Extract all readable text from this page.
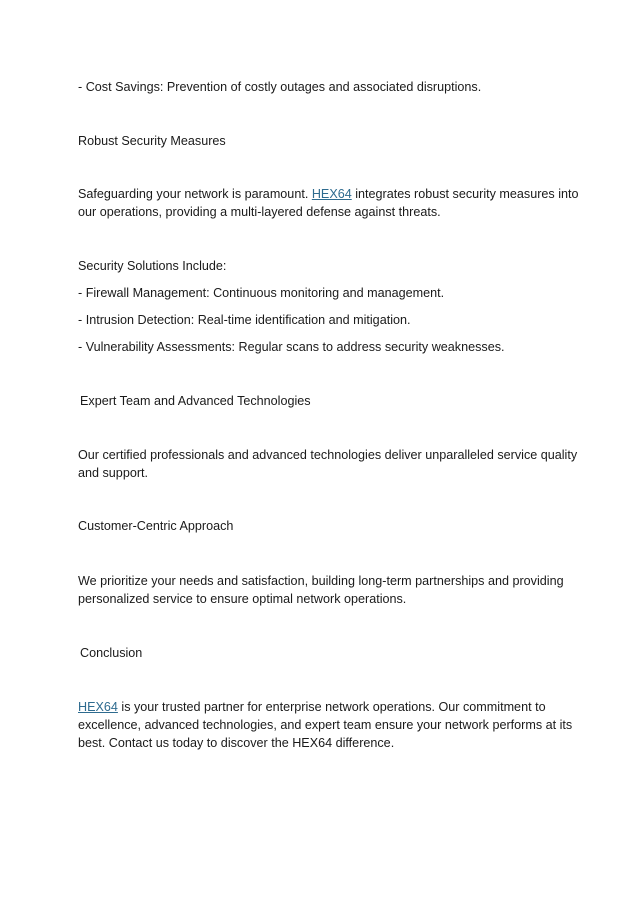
- Cost Savings: Prevention of costly outages and associated disruptions.

Robust Security Measures

Safeguarding your network is paramount. HEX64 integrates robust security measures into our operations, providing a multi-layered defense against threats.

Security Solutions Include:

- Firewall Management: Continuous monitoring and management.

- Intrusion Detection: Real-time identification and mitigation.

- Vulnerability Assessments: Regular scans to address security weaknesses.

Expert Team and Advanced Technologies

Our certified professionals and advanced technologies deliver unparalleled service quality and support.

Customer-Centric Approach

We prioritize your needs and satisfaction, building long-term partnerships and providing personalized service to ensure optimal network operations.

Conclusion

HEX64 is your trusted partner for enterprise network operations. Our commitment to excellence, advanced technologies, and expert team ensure your network performs at its best. Contact us today to discover the HEX64 difference.
